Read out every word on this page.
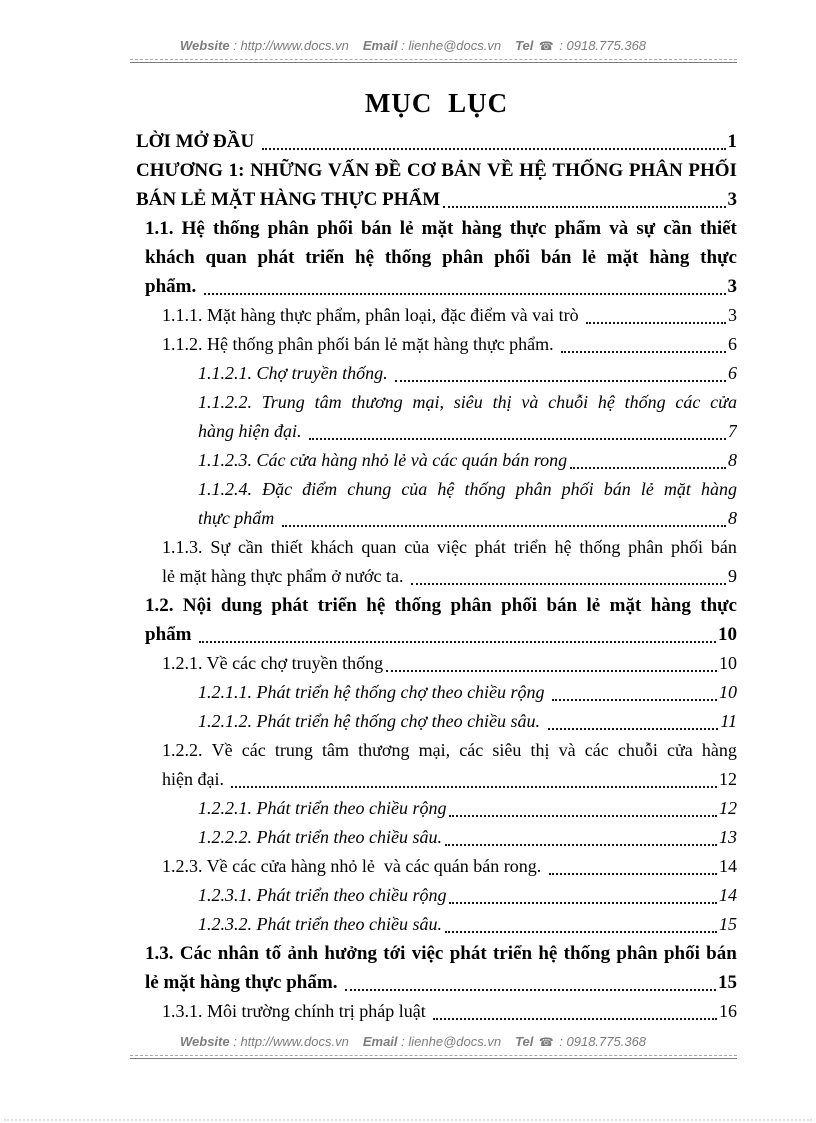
Website : http://www.docs.vn Email : lienhe@docs.vn Tel ☎ : 0918.775.368
MỤC LỤC
LỜI MỞ ĐẦU	1
CHƯƠNG 1: NHỮNG VẤN ĐỀ CƠ BẢN VỀ HỆ THỐNG PHÂN PHỐI
BÁN LẺ MẶT HÀNG THỰC PHẨM	3
1.1. Hệ thống phân phối bán lẻ mặt hàng thực phẩm và sự cần thiết
khách quan phát triển hệ thống phân phối bán lẻ mặt hàng thực
phẩm.	3
1.1.1. Mặt hàng thực phẩm, phân loại, đặc điểm và vai trò	3
1.1.2. Hệ thống phân phối bán lẻ mặt hàng thực phẩm.	6
1.1.2.1. Chợ truyền thống.	6
1.1.2.2. Trung tâm thương mại, siêu thị và chuỗi hệ thống các cửa
hàng hiện đại.	7
1.1.2.3. Các cửa hàng nhỏ lẻ và các quán bán rong	8
1.1.2.4. Đặc điểm chung của hệ thống phân phối bán lẻ mặt hàng
thực phẩm	8
1.1.3. Sự cần thiết khách quan của việc phát triển hệ thống phân phối bán
lẻ mặt hàng thực phẩm ở nước ta.	9
1.2. Nội dung phát triển hệ thống phân phối bán lẻ mặt hàng thực
phẩm	10
1.2.1. Về các chợ truyền thống	10
1.2.1.1. Phát triển hệ thống chợ theo chiều rộng	10
1.2.1.2. Phát triển hệ thống chợ theo chiều sâu.	11
1.2.2. Về các trung tâm thương mại, các siêu thị và các chuỗi cửa hàng
hiện đại.	12
1.2.2.1. Phát triển theo chiều rộng	12
1.2.2.2. Phát triển theo chiều sâu.	13
1.2.3. Về các cửa hàng nhỏ lẻ  và các quán bán rong.	14
1.2.3.1. Phát triển theo chiều rộng	14
1.2.3.2. Phát triển theo chiều sâu.	15
1.3. Các nhân tố ảnh hưởng tới việc phát triển hệ thống phân phối bán
lẻ mặt hàng thực phẩm.	15
1.3.1. Môi trường chính trị pháp luật	16
Website : http://www.docs.vn Email : lienhe@docs.vn Tel ☎ : 0918.775.368
